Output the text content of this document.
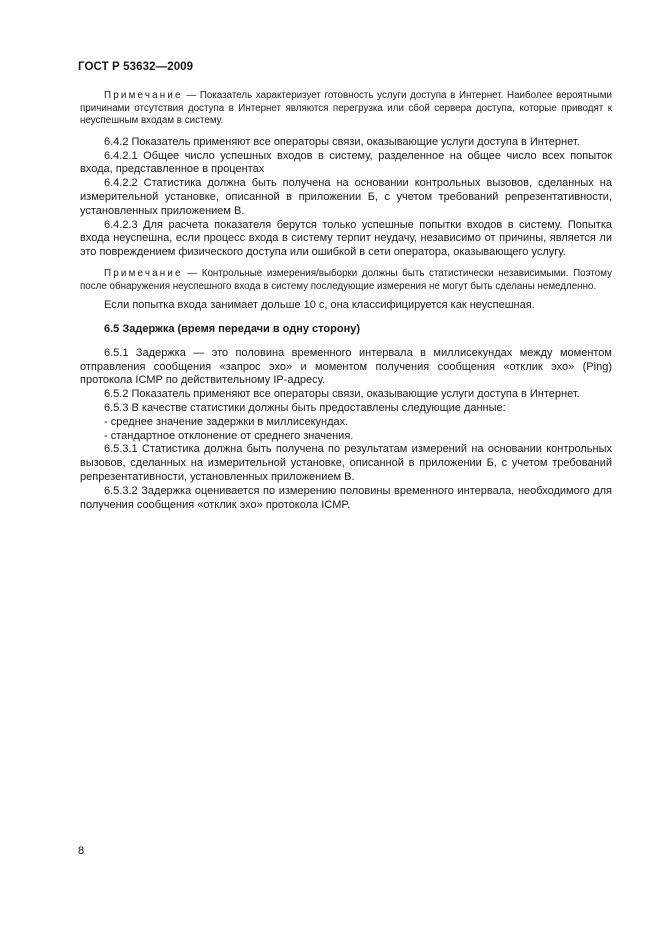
ГОСТ Р 53632—2009

Примечание — Показатель характеризует готовность услуги доступа в Интернет. Наиболее вероятными причинами отсутствия доступа в Интернет являются перегрузка или сбой сервера доступа, которые приводят к неуспешным входам в систему.

6.4.2 Показатель применяют все операторы связи, оказывающие услуги доступа в Интернет.

6.4.2.1 Общее число успешных входов в систему, разделенное на общее число всех попыток входа, представленное в процентах

6.4.2.2 Статистика должна быть получена на основании контрольных вызовов, сделанных на измерительной установке, описанной в приложении Б, с учетом требований репрезентативности, установленных приложением В.

6.4.2.3 Для расчета показателя берутся только успешные попытки входов в систему. Попытка входа неуспешна, если процесс входа в систему терпит неудачу, независимо от причины, является ли это повреждением физического доступа или ошибкой в сети оператора, оказывающего услугу.

Примечание — Контрольные измерения/выборки должны быть статистически независимыми. Поэтому после обнаружения неуспешного входа в систему последующие измерения не могут быть сделаны немедленно.

Если попытка входа занимает дольше 10 с, она классифицируется как неуспешная.

6.5 Задержка (время передачи в одну сторону)

6.5.1 Задержка — это половина временного интервала в миллисекундах между моментом отправления сообщения «запрос эхо» и моментом получения сообщения «отклик эхо» (Ping) протокола ICMP по действительному IP-адресу.

6.5.2 Показатель применяют все операторы связи, оказывающие услуги доступа в Интернет.

6.5.3 В качестве статистики должны быть предоставлены следующие данные:

- среднее значение задержки в миллисекундах.

- стандартное отклонение от среднего значения.

6.5.3.1 Статистика должна быть получена по результатам измерений на основании контрольных вызовов, сделанных на измерительной установке, описанной в приложении Б, с учетом требований репрезентативности, установленных приложением В.

6.5.3.2 Задержка оценивается по измерению половины временного интервала, необходимого для получения сообщения «отклик эхо» протокола ICMP.

8
